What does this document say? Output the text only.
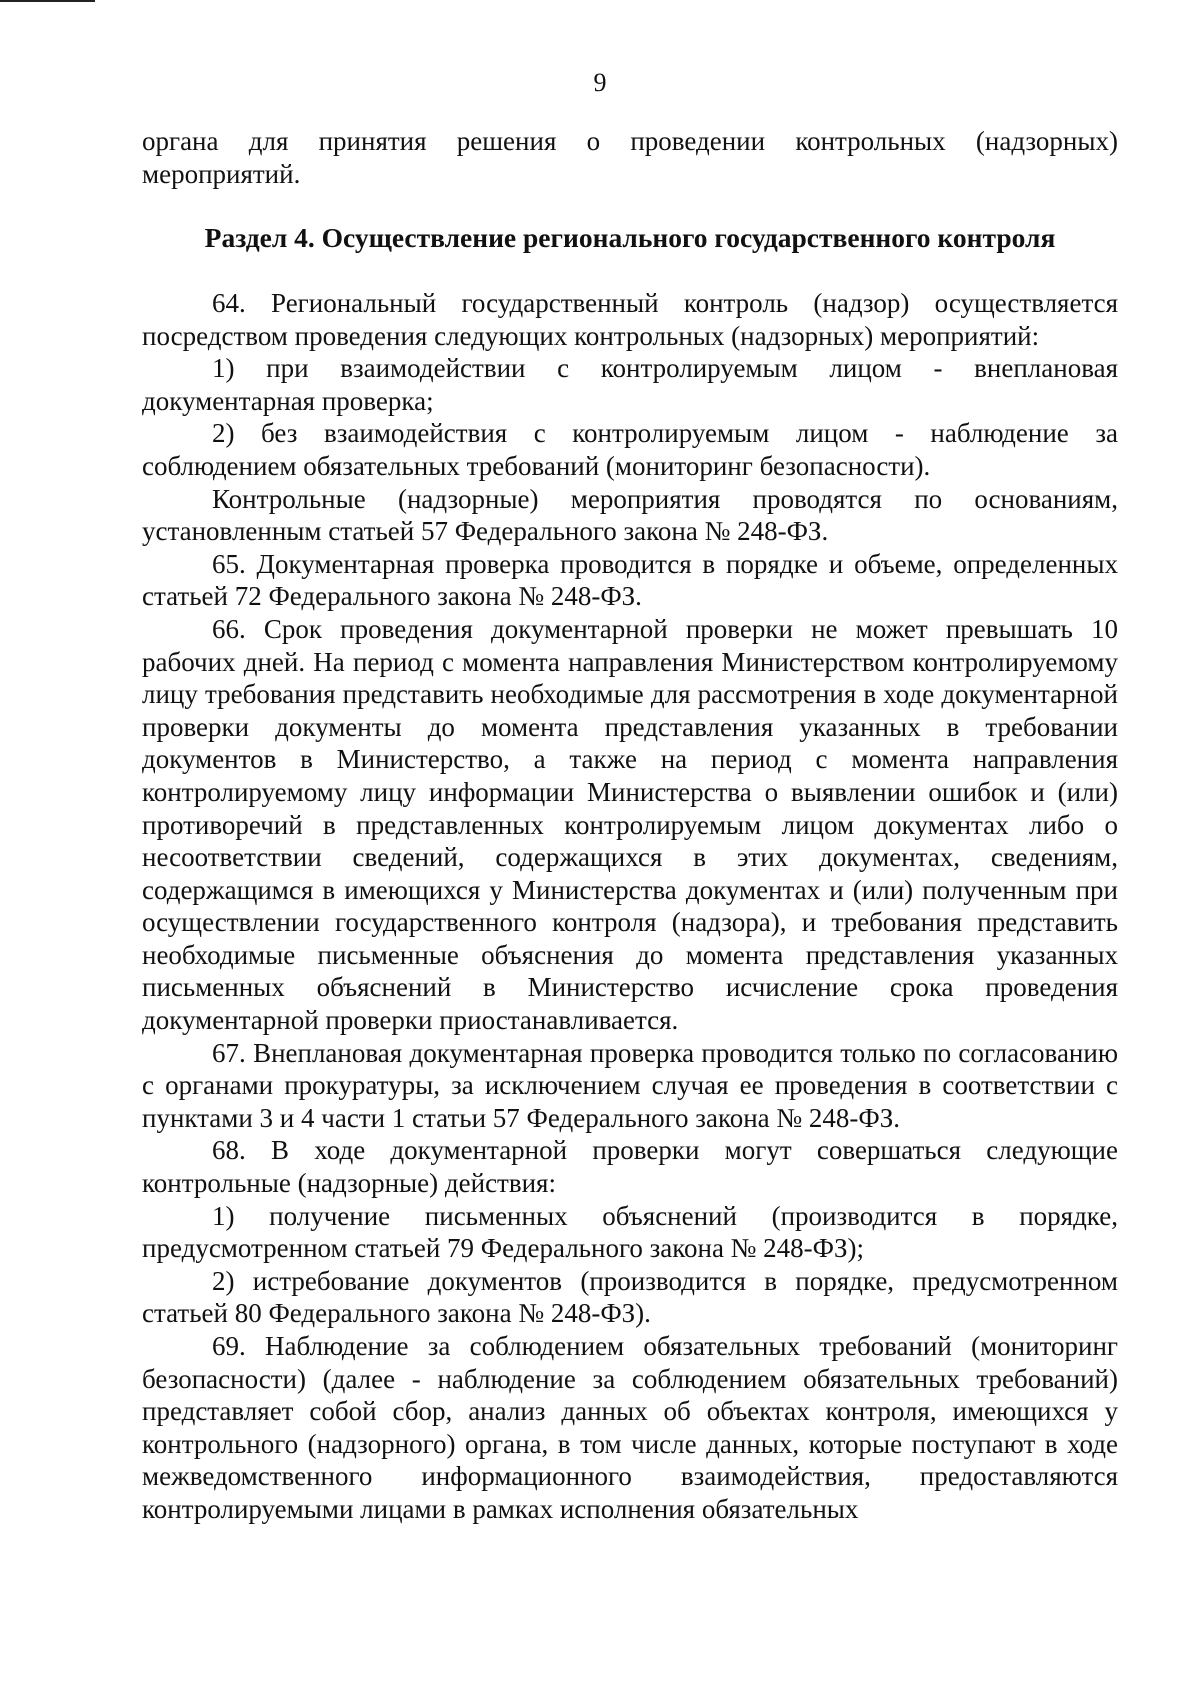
9

органа для принятия решения о проведении контрольных (надзорных) мероприятий.

Раздел 4. Осуществление регионального государственного контроля

64. Региональный государственный контроль (надзор) осуществляется посредством проведения следующих контрольных (надзорных) мероприятий:

1) при взаимодействии с контролируемым лицом - внеплановая документарная проверка;

2) без взаимодействия с контролируемым лицом - наблюдение за соблюдением обязательных требований (мониторинг безопасности).

Контрольные (надзорные) мероприятия проводятся по основаниям, установленным статьей 57 Федерального закона № 248-ФЗ.

65. Документарная проверка проводится в порядке и объеме, определенных статьей 72 Федерального закона № 248-ФЗ.

66. Срок проведения документарной проверки не может превышать 10 рабочих дней. На период с момента направления Министерством контролируемому лицу требования представить необходимые для рассмотрения в ходе документарной проверки документы до момента представления указанных в требовании документов в Министерство, а также на период с момента направления контролируемому лицу информации Министерства о выявлении ошибок и (или) противоречий в представленных контролируемым лицом документах либо о несоответствии сведений, содержащихся в этих документах, сведениям, содержащимся в имеющихся у Министерства документах и (или) полученным при осуществлении государственного контроля (надзора), и требования представить необходимые письменные объяснения до момента представления указанных письменных объяснений в Министерство исчисление срока проведения документарной проверки приостанавливается.

67. Внеплановая документарная проверка проводится только по согласованию с органами прокуратуры, за исключением случая ее проведения в соответствии с пунктами 3 и 4 части 1 статьи 57 Федерального закона № 248-ФЗ.

68. В ходе документарной проверки могут совершаться следующие контрольные (надзорные) действия:

1) получение письменных объяснений (производится в порядке, предусмотренном статьей 79 Федерального закона № 248-ФЗ);

2) истребование документов (производится в порядке, предусмотренном статьей 80 Федерального закона № 248-ФЗ).

69. Наблюдение за соблюдением обязательных требований (мониторинг безопасности) (далее - наблюдение за соблюдением обязательных требований) представляет собой сбор, анализ данных об объектах контроля, имеющихся у контрольного (надзорного) органа, в том числе данных, которые поступают в ходе межведомственного информационного взаимодействия, предоставляются контролируемыми лицами в рамках исполнения обязательных
